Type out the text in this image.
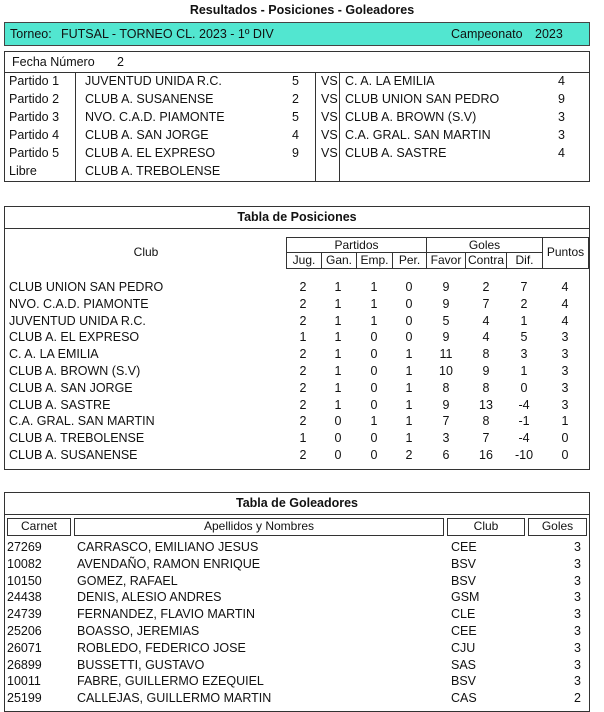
Resultados - Posiciones - Goleadores
Torneo: FUTSAL - TORNEO CL. 2023 - 1º DIV	Campeonato 2023
Fecha Número 2
Partido 1 JUVENTUD UNIDA R.C.	5 VS C. A. LA EMILIA	4
Partido 2 CLUB A. SUSANENSE	2 VS CLUB UNION SAN PEDRO	9
Partido 3 NVO. C.A.D. PIAMONTE	5 VS CLUB A. BROWN (S.V)	3
Partido 4 CLUB A. SAN JORGE	4 VS C.A. GRAL. SAN MARTIN	3
Partido 5 CLUB A. EL EXPRESO	9 VS CLUB A. SASTRE	4
Libre	CLUB A. TREBOLENSE
Tabla de Posiciones
Club	Partidos	Goles	Puntos
Jug. Gan. Emp. Per. Favor Contra Dif.
CLUB UNION SAN PEDRO	2	1	1	0	9	2	7	4
NVO. C.A.D. PIAMONTE	2	1	1	0	9	7	2	4
JUVENTUD UNIDA R.C.	2	1	1	0	5	4	1	4
CLUB A. EL EXPRESO	1	1	0	0	9	4	5	3
C. A. LA EMILIA	2	1	0	1	11	8	3	3
CLUB A. BROWN (S.V)	2	1	0	1	10	9	1	3
CLUB A. SAN JORGE	2	1	0	1	8	8	0	3
CLUB A. SASTRE	2	1	0	1	9	13	-4	3
C.A. GRAL. SAN MARTIN	2	0	1	1	7	8	-1	1
CLUB A. TREBOLENSE	1	0	0	1	3	7	-4	0
CLUB A. SUSANENSE	2	0	0	2	6	16	-10	0
Tabla de Goleadores
Carnet	Apellidos y Nombres	Club	Goles
27269	CARRASCO, EMILIANO JESUS	CEE	3
10082	AVENDAÑO, RAMON ENRIQUE	BSV	3
10150	GOMEZ, RAFAEL	BSV	3
24438	DENIS, ALESIO ANDRES	GSM	3
24739	FERNANDEZ, FLAVIO MARTIN	CLE	3
25206	BOASSO, JEREMIAS	CEE	3
26071	ROBLEDO, FEDERICO JOSE	CJU	3
26899	BUSSETTI, GUSTAVO	SAS	3
10011	FABRE, GUILLERMO EZEQUIEL	BSV	3
25199	CALLEJAS, GUILLERMO MARTIN	CAS	2
